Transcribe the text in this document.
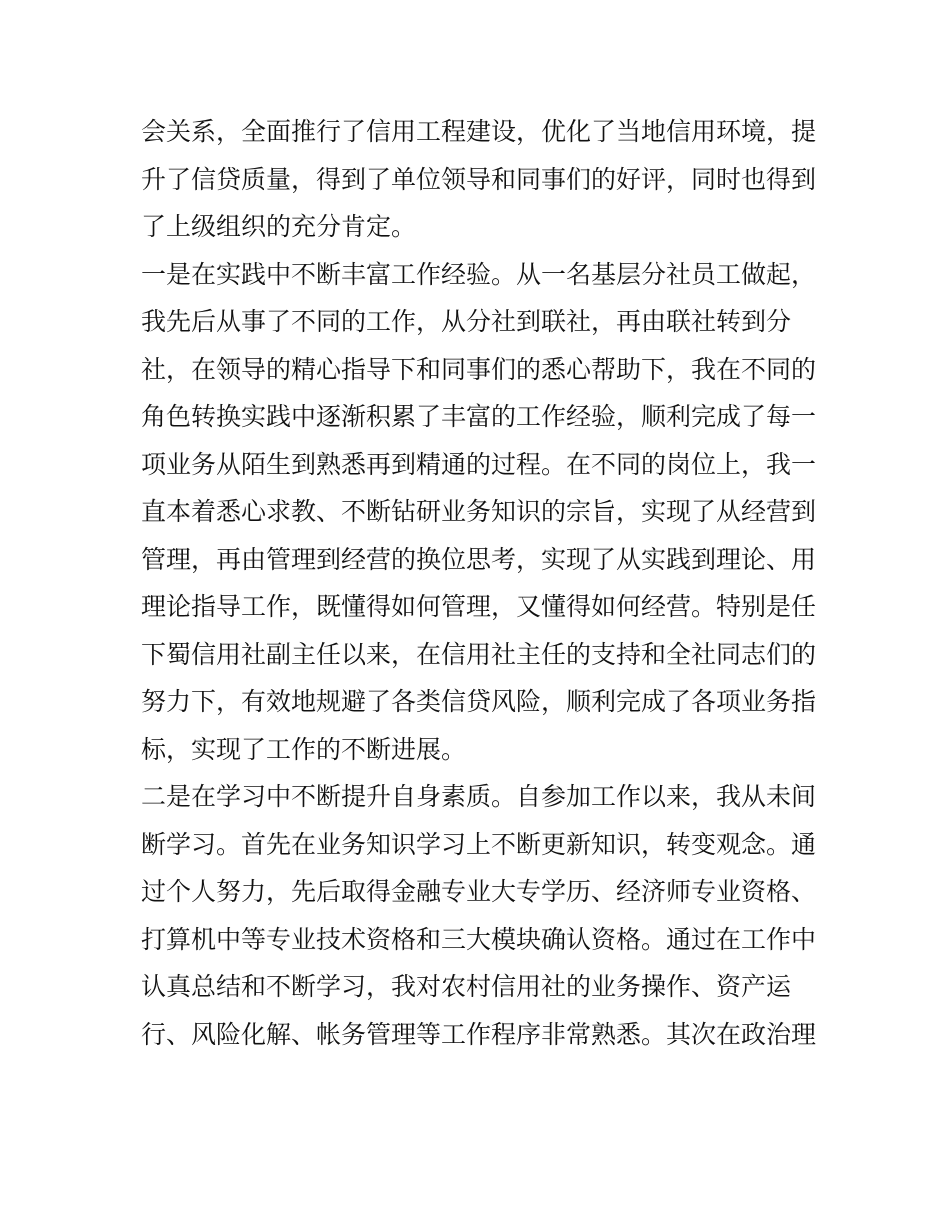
会关系，全面推行了信用工程建设，优化了当地信用环境，提
升了信贷质量，得到了单位领导和同事们的好评，同时也得到
了上级组织的充分肯定。
一是在实践中不断丰富工作经验。从一名基层分社员工做起，
我先后从事了不同的工作，从分社到联社，再由联社转到分
社，在领导的精心指导下和同事们的悉心帮助下，我在不同的
角色转换实践中逐渐积累了丰富的工作经验，顺利完成了每一
项业务从陌生到熟悉再到精通的过程。在不同的岗位上，我一
直本着悉心求教、不断钻研业务知识的宗旨，实现了从经营到
管理，再由管理到经营的换位思考，实现了从实践到理论、用
理论指导工作，既懂得如何管理，又懂得如何经营。特别是任
下蜀信用社副主任以来，在信用社主任的支持和全社同志们的
努力下，有效地规避了各类信贷风险，顺利完成了各项业务指
标，实现了工作的不断进展。
二是在学习中不断提升自身素质。自参加工作以来，我从未间
断学习。首先在业务知识学习上不断更新知识，转变观念。通
过个人努力，先后取得金融专业大专学历、经济师专业资格、
打算机中等专业技术资格和三大模块确认资格。通过在工作中
认真总结和不断学习，我对农村信用社的业务操作、资产运
行、风险化解、帐务管理等工作程序非常熟悉。其次在政治理
